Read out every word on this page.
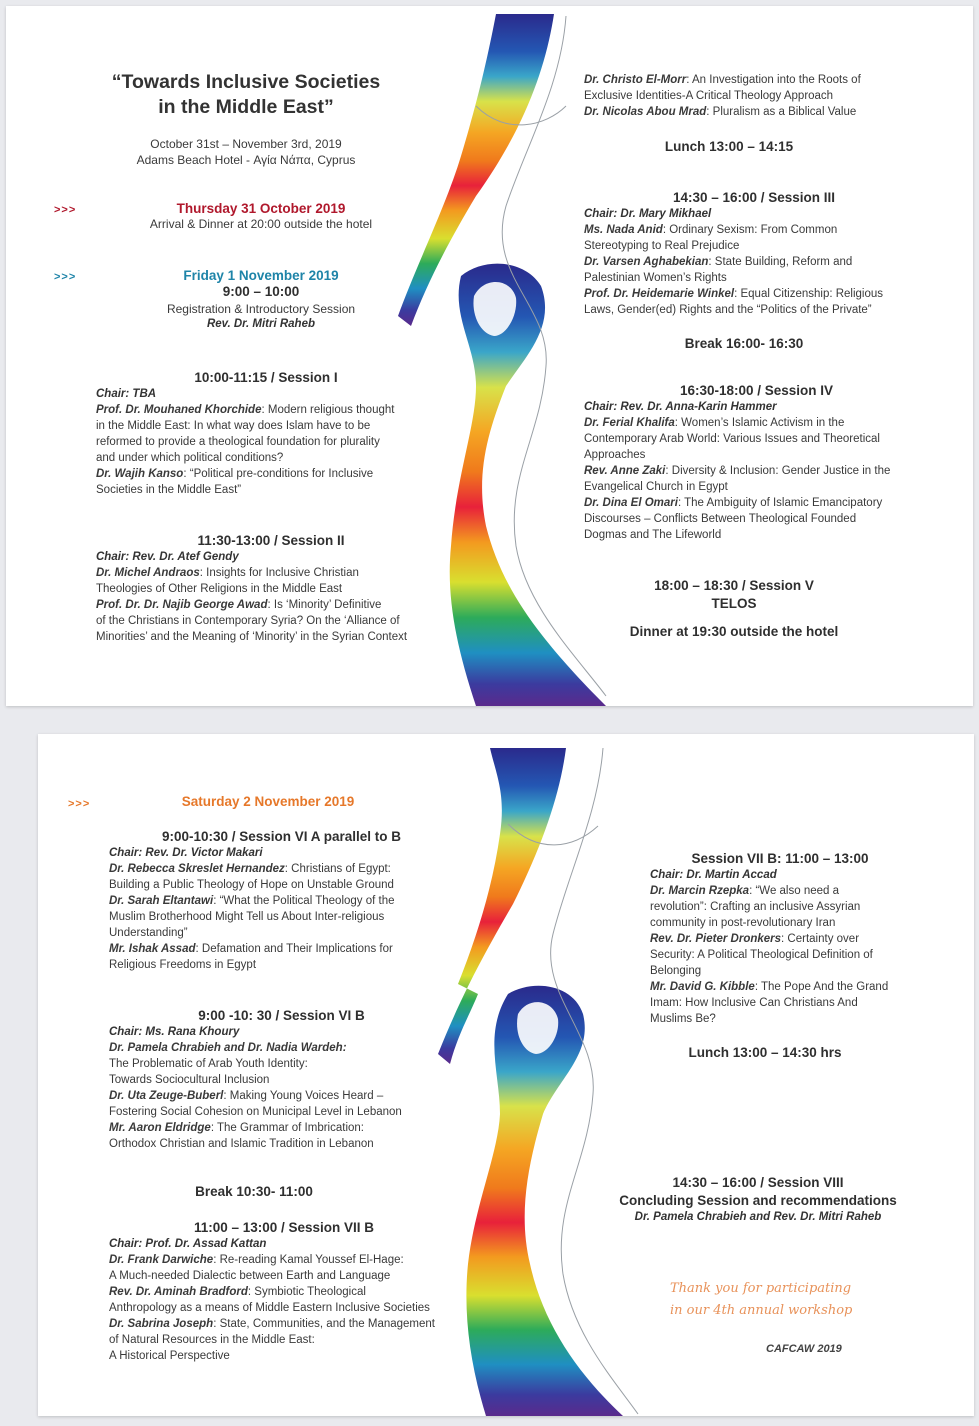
“Towards Inclusive Societies
in the Middle East”
October 31st – November 3rd, 2019
Adams Beach Hotel - Αγία Νάπα, Cyprus
>>>	Thursday 31 October 2019
Arrival & Dinner at 20:00 outside the hotel
>>>	Friday 1 November 2019
9:00 – 10:00
Registration & Introductory Session
Rev. Dr. Mitri Raheb
10:00-11:15 / Session I
Chair: TBA

Prof. Dr. Mouhaned Khorchide: Modern religious thought
in the Middle East: In what way does Islam have to be
reformed to provide a theological foundation for plurality
and under which political conditions?

Dr. Wajih Kanso: “Political pre-conditions for Inclusive
Societies in the Middle East”

11:30-13:00 / Session II
Chair: Rev. Dr. Atef Gendy

Dr. Michel Andraos: Insights for Inclusive Christian
Theologies of Other Religions in the Middle East

Prof. Dr. Dr. Najib George Awad: Is ‘Minority’ Definitive
of the Christians in Contemporary Syria? On the ‘Alliance of
Minorities’ and the Meaning of ‘Minority’ in the Syrian Context

Dr. Christo El-Morr: An Investigation into the Roots of
Exclusive Identities-A Critical Theology Approach

Dr. Nicolas Abou Mrad: Pluralism as a Biblical Value

Lunch 13:00 – 14:15
14:30 – 16:00 / Session III
Chair: Dr. Mary Mikhael

Ms. Nada Anid: Ordinary Sexism: From Common
Stereotyping to Real Prejudice

Dr. Varsen Aghabekian: State Building, Reform and
Palestinian Women’s Rights

Prof. Dr. Heidemarie Winkel: Equal Citizenship: Religious
Laws, Gender(ed) Rights and the “Politics of the Private”

Break 16:00- 16:30
16:30-18:00 / Session IV
Chair: Rev. Dr. Anna-Karin Hammer

Dr. Ferial Khalifa: Women’s Islamic Activism in the
Contemporary Arab World: Various Issues and Theoretical
Approaches

Rev. Anne Zaki: Diversity & Inclusion: Gender Justice in the
Evangelical Church in Egypt

Dr. Dina El Omari: The Ambiguity of Islamic Emancipatory
Discourses – Conflicts Between Theological Founded
Dogmas and The Lifeworld

18:00 – 18:30 / Session V
TELOS
Dinner at 19:30 outside the hotel
>>>	Saturday 2 November 2019
9:00-10:30 / Session VI A parallel to B
Chair: Rev. Dr. Victor Makari

Dr. Rebecca Skreslet Hernandez: Christians of Egypt:
Building a Public Theology of Hope on Unstable Ground

Dr. Sarah Eltantawi: “What the Political Theology of the
Muslim Brotherhood Might Tell us About Inter-religious
Understanding”

Mr. Ishak Assad: Defamation and Their Implications for
Religious Freedoms in Egypt

9:00 -10: 30 / Session VI B
Chair: Ms. Rana Khoury

Dr. Pamela Chrabieh and Dr. Nadia Wardeh:
The Problematic of Arab Youth Identity:
Towards Sociocultural Inclusion

Dr. Uta Zeuge-Buberl: Making Young Voices Heard –
Fostering Social Cohesion on Municipal Level in Lebanon

Mr. Aaron Eldridge: The Grammar of Imbrication:
Orthodox Christian and Islamic Tradition in Lebanon

Break 10:30- 11:00
11:00 – 13:00 / Session VII B
Chair: Prof. Dr. Assad Kattan

Dr. Frank Darwiche: Re-reading Kamal Youssef El-Hage:
A Much-needed Dialectic between Earth and Language

Rev. Dr. Aminah Bradford: Symbiotic Theological
Anthropology as a means of Middle Eastern Inclusive Societies

Dr. Sabrina Joseph: State, Communities, and the Management
of Natural Resources in the Middle East:
A Historical Perspective

Session VII B: 11:00 – 13:00
Chair: Dr. Martin Accad

Dr. Marcin Rzepka: “We also need a
revolution”: Crafting an inclusive Assyrian
community in post-revolutionary Iran

Rev. Dr. Pieter Dronkers: Certainty over
Security: A Political Theological Definition of
Belonging

Mr. David G. Kibble: The Pope And the Grand
Imam: How Inclusive Can Christians And
Muslims Be?

Lunch 13:00 – 14:30 hrs
14:30 – 16:00 / Session VIII
Concluding Session and recommendations
Dr. Pamela Chrabieh and Rev. Dr. Mitri Raheb
Thank you for participating
in our 4th annual workshop
CAFCAW 2019
